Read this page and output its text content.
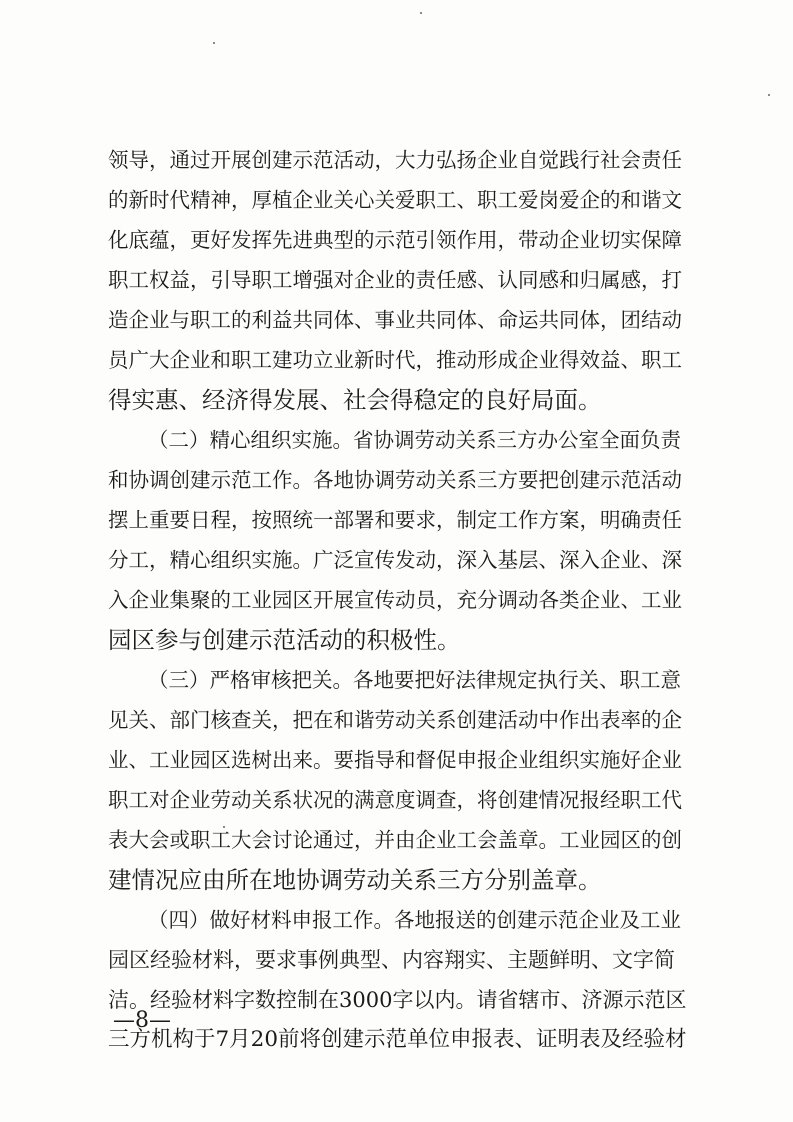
领导，通过开展创建示范活动，大力弘扬企业自觉践行社会责任
的新时代精神，厚植企业关心关爱职工、职工爱岗爱企的和谐文
化底蕴，更好发挥先进典型的示范引领作用，带动企业切实保障
职工权益，引导职工增强对企业的责任感、认同感和归属感，打
造企业与职工的利益共同体、事业共同体、命运共同体，团结动
员广大企业和职工建功立业新时代，推动形成企业得效益、职工
得实惠、经济得发展、社会得稳定的良好局面。
（二）精心组织实施。省协调劳动关系三方办公室全面负责
和协调创建示范工作。各地协调劳动关系三方要把创建示范活动
摆上重要日程，按照统一部署和要求，制定工作方案，明确责任
分工，精心组织实施。广泛宣传发动，深入基层、深入企业、深
入企业集聚的工业园区开展宣传动员，充分调动各类企业、工业
园区参与创建示范活动的积极性。
（三）严格审核把关。各地要把好法律规定执行关、职工意
见关、部门核查关，把在和谐劳动关系创建活动中作出表率的企
业、工业园区选树出来。要指导和督促申报企业组织实施好企业
职工对企业劳动关系状况的满意度调查，将创建情况报经职工代
表大会或职工大会讨论通过，并由企业工会盖章。工业园区的创
建情况应由所在地协调劳动关系三方分别盖章。
（四）做好材料申报工作。各地报送的创建示范企业及工业
园区经验材料，要求事例典型、内容翔实、主题鲜明、文字简
洁。经验材料字数控制在3000字以内。请省辖市、济源示范区
三方机构于7月20前将创建示范单位申报表、证明表及经验材
—8—
